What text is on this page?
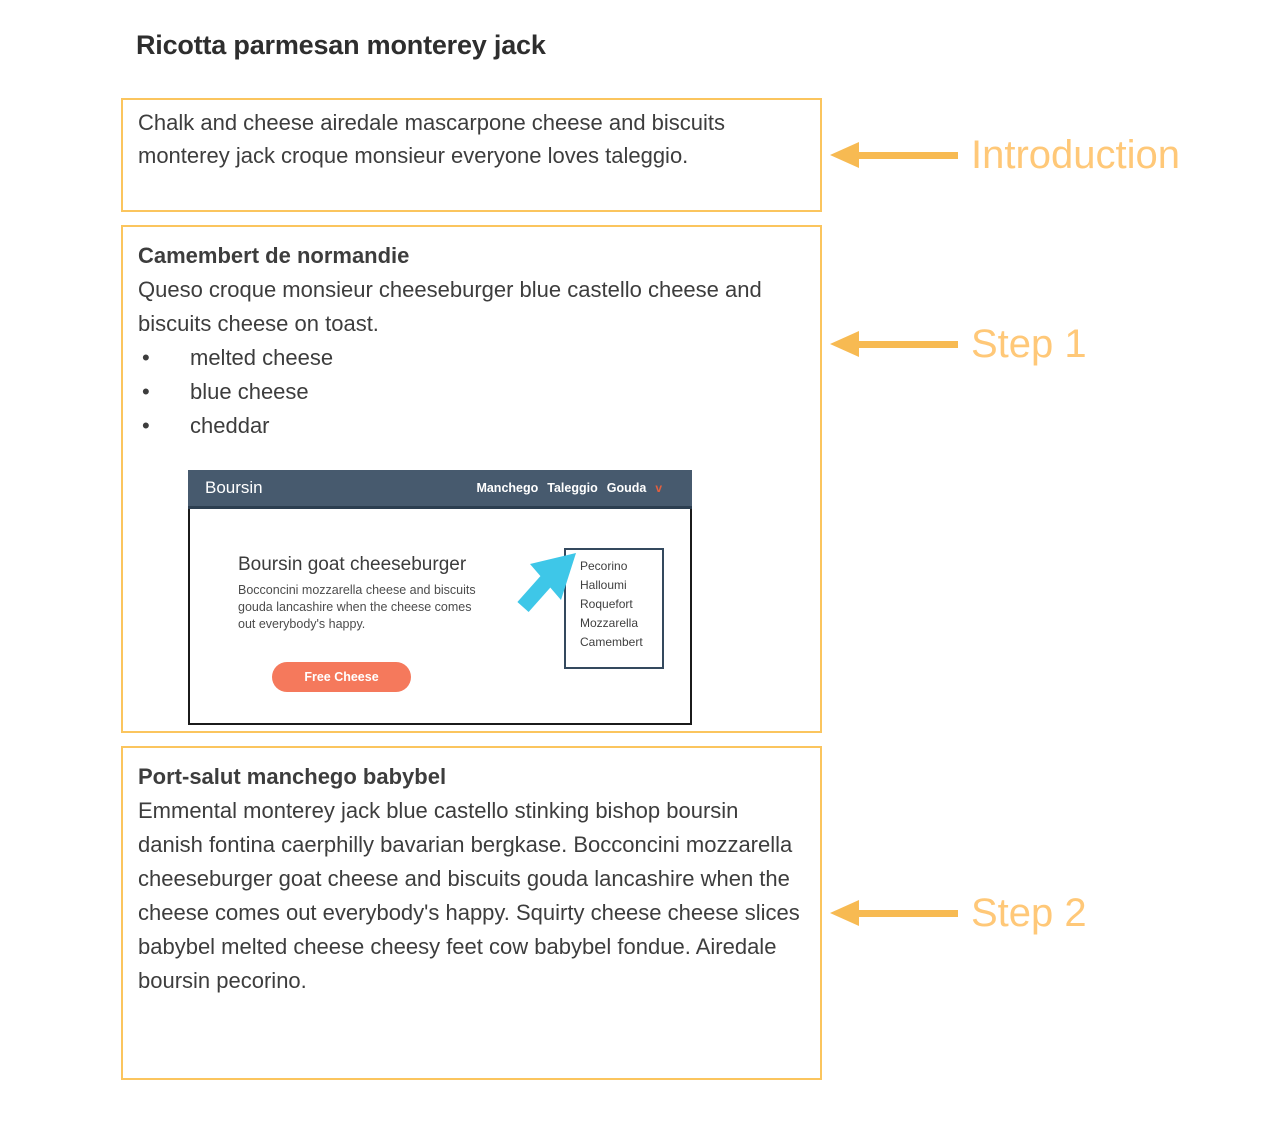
Ricotta parmesan monterey jack
Chalk and cheese airedale mascarpone cheese and biscuits monterey jack croque monsieur everyone loves taleggio.
Camembert de normandie
Queso croque monsieur cheeseburger blue castello cheese and biscuits cheese on toast.
• melted cheese
• blue cheese
• cheddar
Boursin	Manchego Taleggio Gouda v
Boursin goat cheeseburger
Bocconcini mozzarella cheese and biscuits gouda lancashire when the cheese comes out everybody's happy.
Free Cheese
Pecorino
Halloumi
Roquefort
Mozzarella
Camembert
Port-salut manchego babybel
Emmental monterey jack blue castello stinking bishop boursin danish fontina caerphilly bavarian bergkase. Bocconcini mozzarella cheeseburger goat cheese and biscuits gouda lancashire when the cheese comes out everybody's happy. Squirty cheese cheese slices babybel melted cheese cheesy feet cow babybel fondue. Airedale boursin pecorino.
Introduction
Step 1
Step 2
